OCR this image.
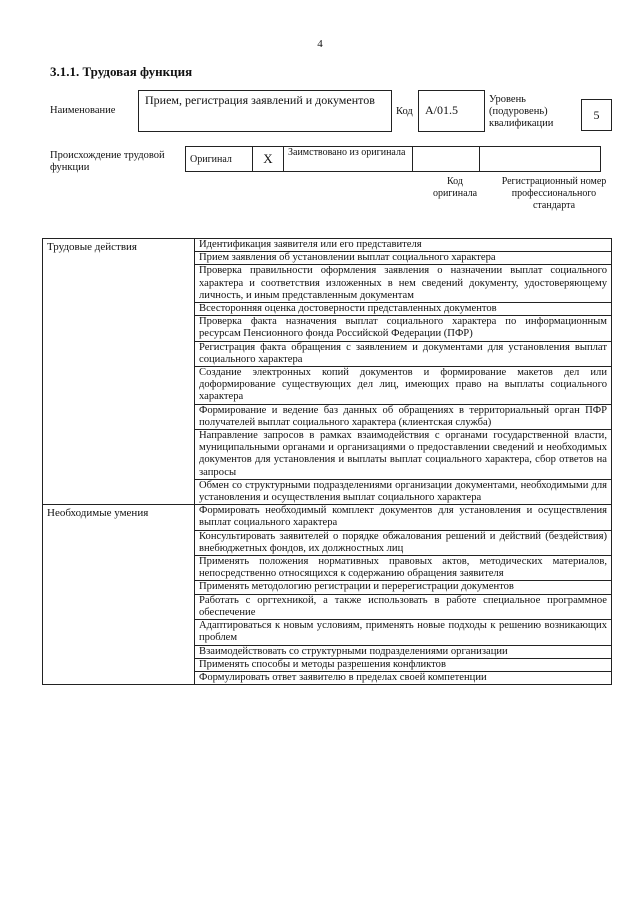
4
3.1.1. Трудовая функция
Наименование
Прием, регистрация заявлений и документов
Код	А/01.5
Уровень (подуровень) квалификации
5
Происхождение трудовой функции
Оригинал	X	Заимствовано из оригинала		
Код оригинала
Регистрационный номер профессионального стандарта
Трудовые действия	Идентификация заявителя или его представителя
	Прием заявления об установлении выплат социального характера
	Проверка правильности оформления заявления о назначении выплат социального характера и соответствия изложенных в нем сведений документу, удостоверяющему личность, и иным представленным документам
	Всесторонняя оценка достоверности представленных документов
	Проверка факта назначения выплат социального характера по информационным ресурсам Пенсионного фонда Российской Федерации (ПФР)
	Регистрация факта обращения с заявлением и документами для установления выплат социального характера
	Создание электронных копий документов и формирование макетов дел или доформирование существующих дел лиц, имеющих право на выплаты социального характера
	Формирование и ведение баз данных об обращениях в территориальный орган ПФР получателей выплат социального характера (клиентская служба)
	Направление запросов в рамках взаимодействия с органами государственной власти, муниципальными органами и организациями о предоставлении сведений и необходимых документов для установления и выплаты выплат социального характера, сбор ответов на запросы
	Обмен со структурными подразделениями организации документами, необходимыми для установления и осуществления выплат социального характера
Необходимые умения	Формировать необходимый комплект документов для установления и осуществления выплат социального характера
	Консультировать заявителей о порядке обжалования решений и действий (бездействия) внебюджетных фондов, их должностных лиц
	Применять положения нормативных правовых актов, методических материалов, непосредственно относящихся к содержанию обращения заявителя
	Применять методологию регистрации и перерегистрации документов
	Работать с оргтехникой, а также использовать в работе специальное программное обеспечение
	Адаптироваться к новым условиям, применять новые подходы к решению возникающих проблем
	Взаимодействовать со структурными подразделениями организации
	Применять способы и методы разрешения конфликтов
	Формулировать ответ заявителю в пределах своей компетенции
